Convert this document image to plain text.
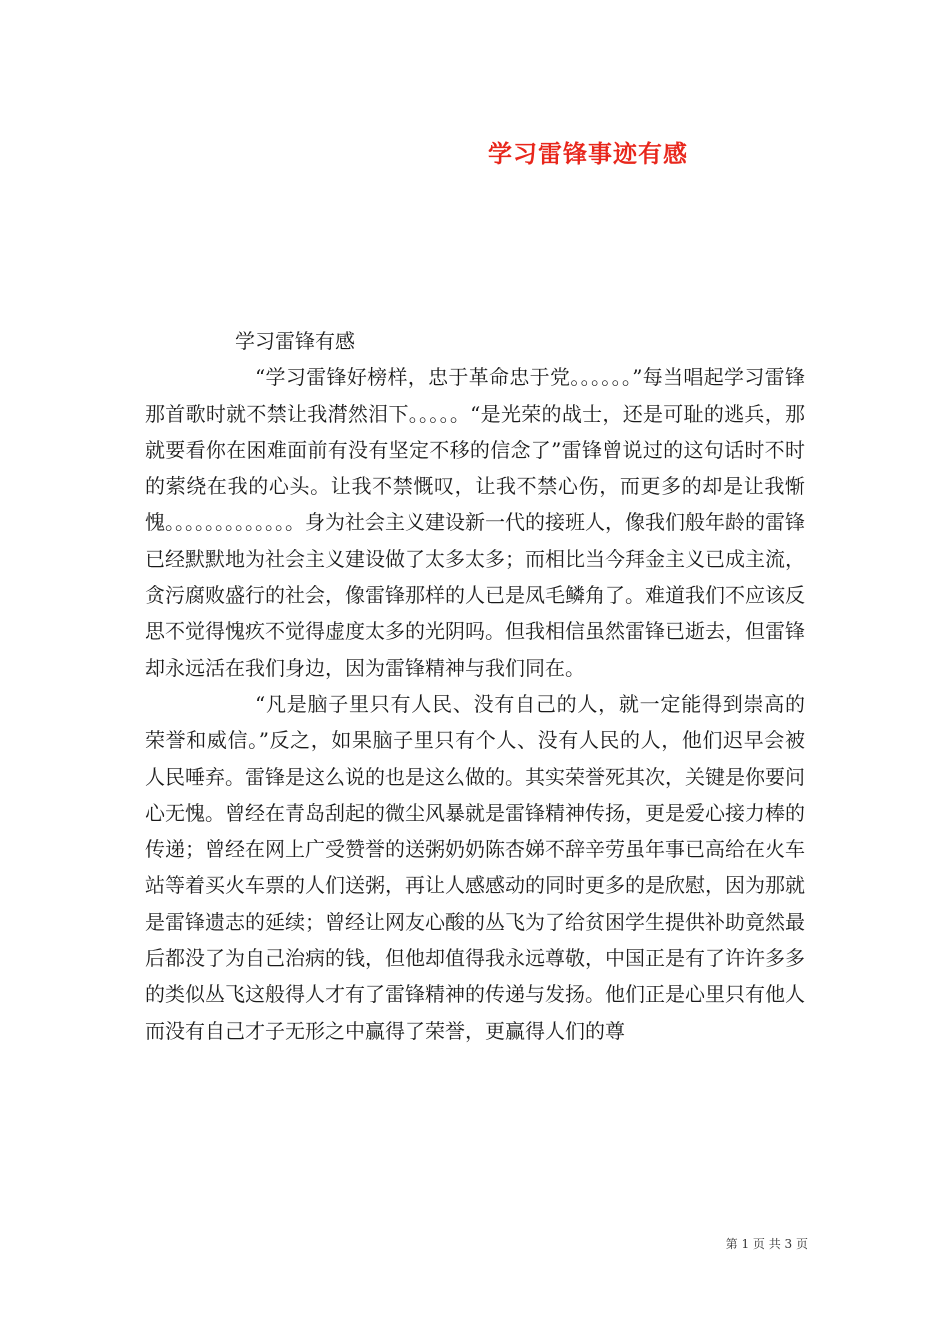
学习雷锋事迹有感

学习雷锋有感

“学习雷锋好榜样，忠于革命忠于党。。。。。。”每当唱起学习雷锋那首歌时就不禁让我潸然泪下。。。。。“是光荣的战士，还是可耻的逃兵，那就要看你在困难面前有没有坚定不移的信念了”雷锋曾说过的这句话时不时的萦绕在我的心头。让我不禁慨叹，让我不禁心伤，而更多的却是让我惭愧。。。。。。。。。。。。。身为社会主义建设新一代的接班人，像我们般年龄的雷锋已经默默地为社会主义建设做了太多太多；而相比当今拜金主义已成主流，贪污腐败盛行的社会，像雷锋那样的人已是凤毛鳞角了。难道我们不应该反思不觉得愧疚不觉得虚度太多的光阴吗。但我相信虽然雷锋已逝去，但雷锋却永远活在我们身边，因为雷锋精神与我们同在。

“凡是脑子里只有人民、没有自己的人，就一定能得到崇高的荣誉和威信。”反之，如果脑子里只有个人、没有人民的人，他们迟早会被人民唾弃。雷锋是这么说的也是这么做的。其实荣誉死其次，关键是你要问心无愧。曾经在青岛刮起的微尘风暴就是雷锋精神传扬，更是爱心接力棒的传递；曾经在网上广受赞誉的送粥奶奶陈杏娣不辞辛劳虽年事已高给在火车站等着买火车票的人们送粥，再让人感感动的同时更多的是欣慰，因为那就是雷锋遗志的延续；曾经让网友心酸的丛飞为了给贫困学生提供补助竟然最后都没了为自己治病的钱，但他却值得我永远尊敬，中国正是有了许许多多的类似丛飞这般得人才有了雷锋精神的传递与发扬。他们正是心里只有他人而没有自己才子无形之中赢得了荣誉，更赢得人们的尊

第 1 页 共 3 页
